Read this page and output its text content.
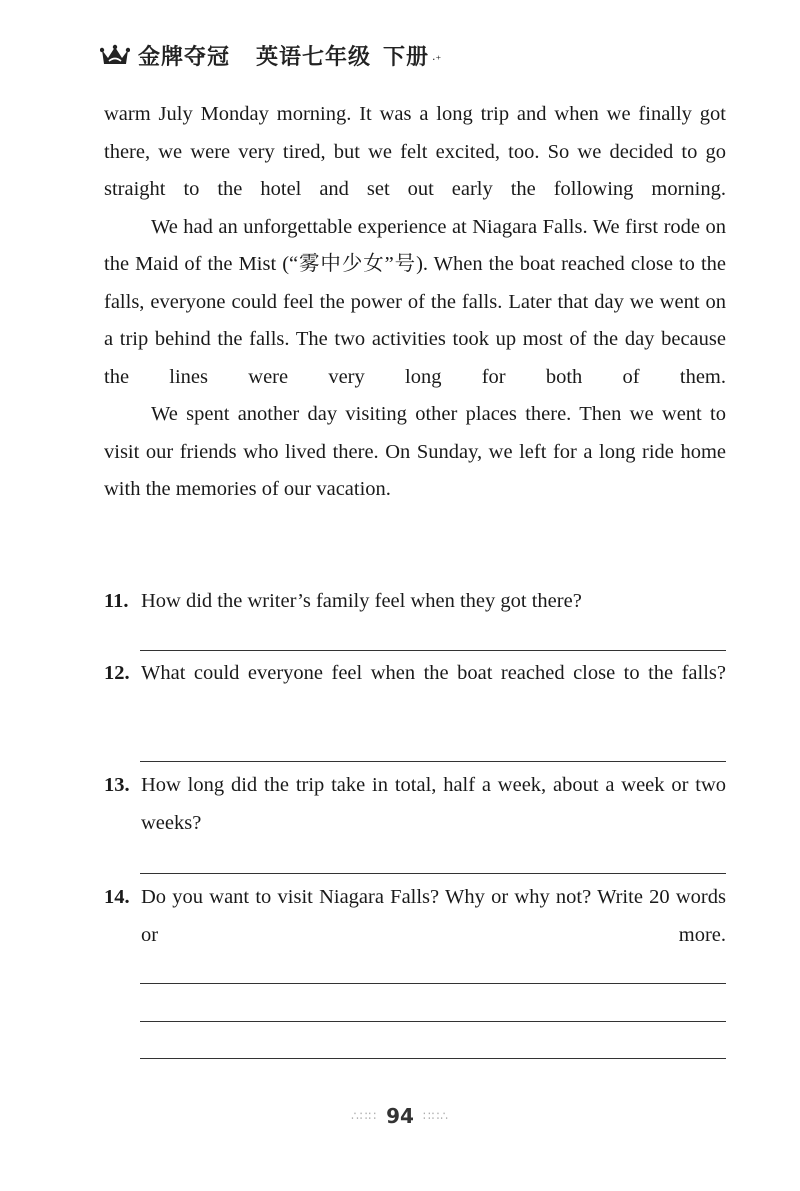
金牌夺冠 英语七年级 下册 ·⁺

warm July Monday morning. It was a long trip and when we finally got there, we were very tired, but we felt excited, too. So we decided to go straight to the hotel and set out early the following morning.

We had an unforgettable experience at Niagara Falls. We first rode on the Maid of the Mist (“雾中少女”号). When the boat reached close to the falls, everyone could feel the power of the falls. Later that day we went on a trip behind the falls. The two activities took up most of the day because the lines were very long for both of them.

We spent another day visiting other places there. Then we went to visit our friends who lived there. On Sunday, we left for a long ride home with the memories of our vacation.

11. How did the writer’s family feel when they got there?
12. What could everyone feel when the boat reached close to the falls?
13. How long did the trip take in total, half a week, about a week or two weeks?
14. Do you want to visit Niagara Falls? Why or why not? Write 20 words or more.
∴∷∷ 94 ∷∷∴
